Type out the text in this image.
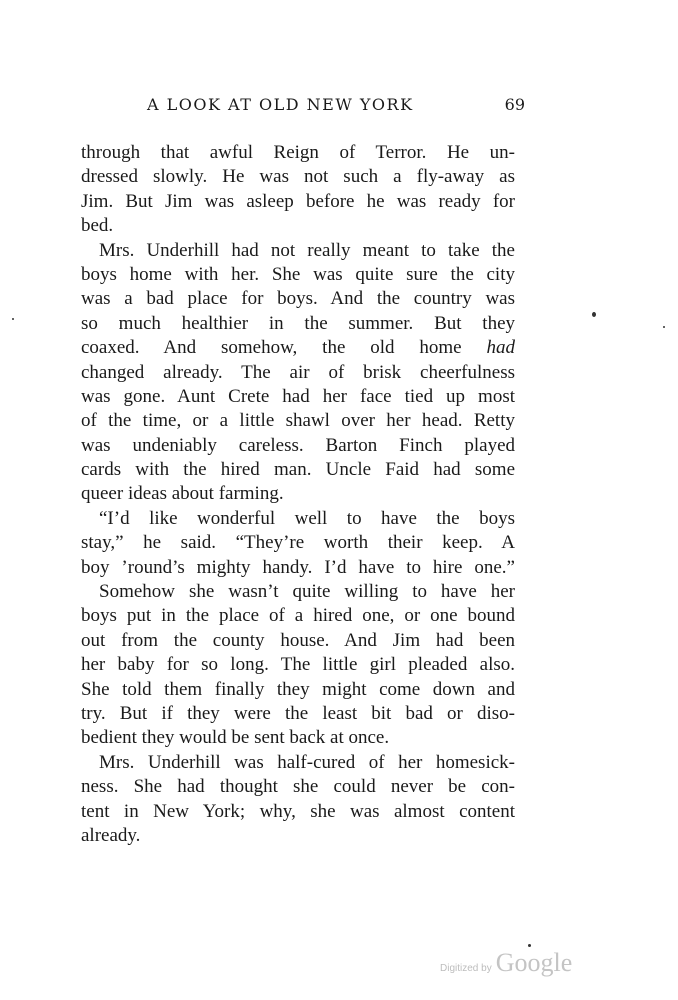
A LOOK AT OLD NEW YORK	69
through that awful Reign of Terror. He un-
dressed slowly. He was not such a fly-away as
Jim. But Jim was asleep before he was ready for
bed.
Mrs. Underhill had not really meant to take the
boys home with her. She was quite sure the city
was a bad place for boys. And the country was
so much healthier in the summer. But they
coaxed. And somehow, the old home had
changed already. The air of brisk cheerfulness
was gone. Aunt Crete had her face tied up most
of the time, or a little shawl over her head. Retty
was undeniably careless. Barton Finch played
cards with the hired man. Uncle Faid had some
queer ideas about farming.
“I’d like wonderful well to have the boys
stay,” he said. “They’re worth their keep. A
boy ’round’s mighty handy. I’d have to hire one.”
Somehow she wasn’t quite willing to have her
boys put in the place of a hired one, or one bound
out from the county house. And Jim had been
her baby for so long. The little girl pleaded also.
She told them finally they might come down and
try. But if they were the least bit bad or diso-
bedient they would be sent back at once.
Mrs. Underhill was half-cured of her homesick-
ness. She had thought she could never be con-
tent in New York; why, she was almost content
already.
Digitized by Google
